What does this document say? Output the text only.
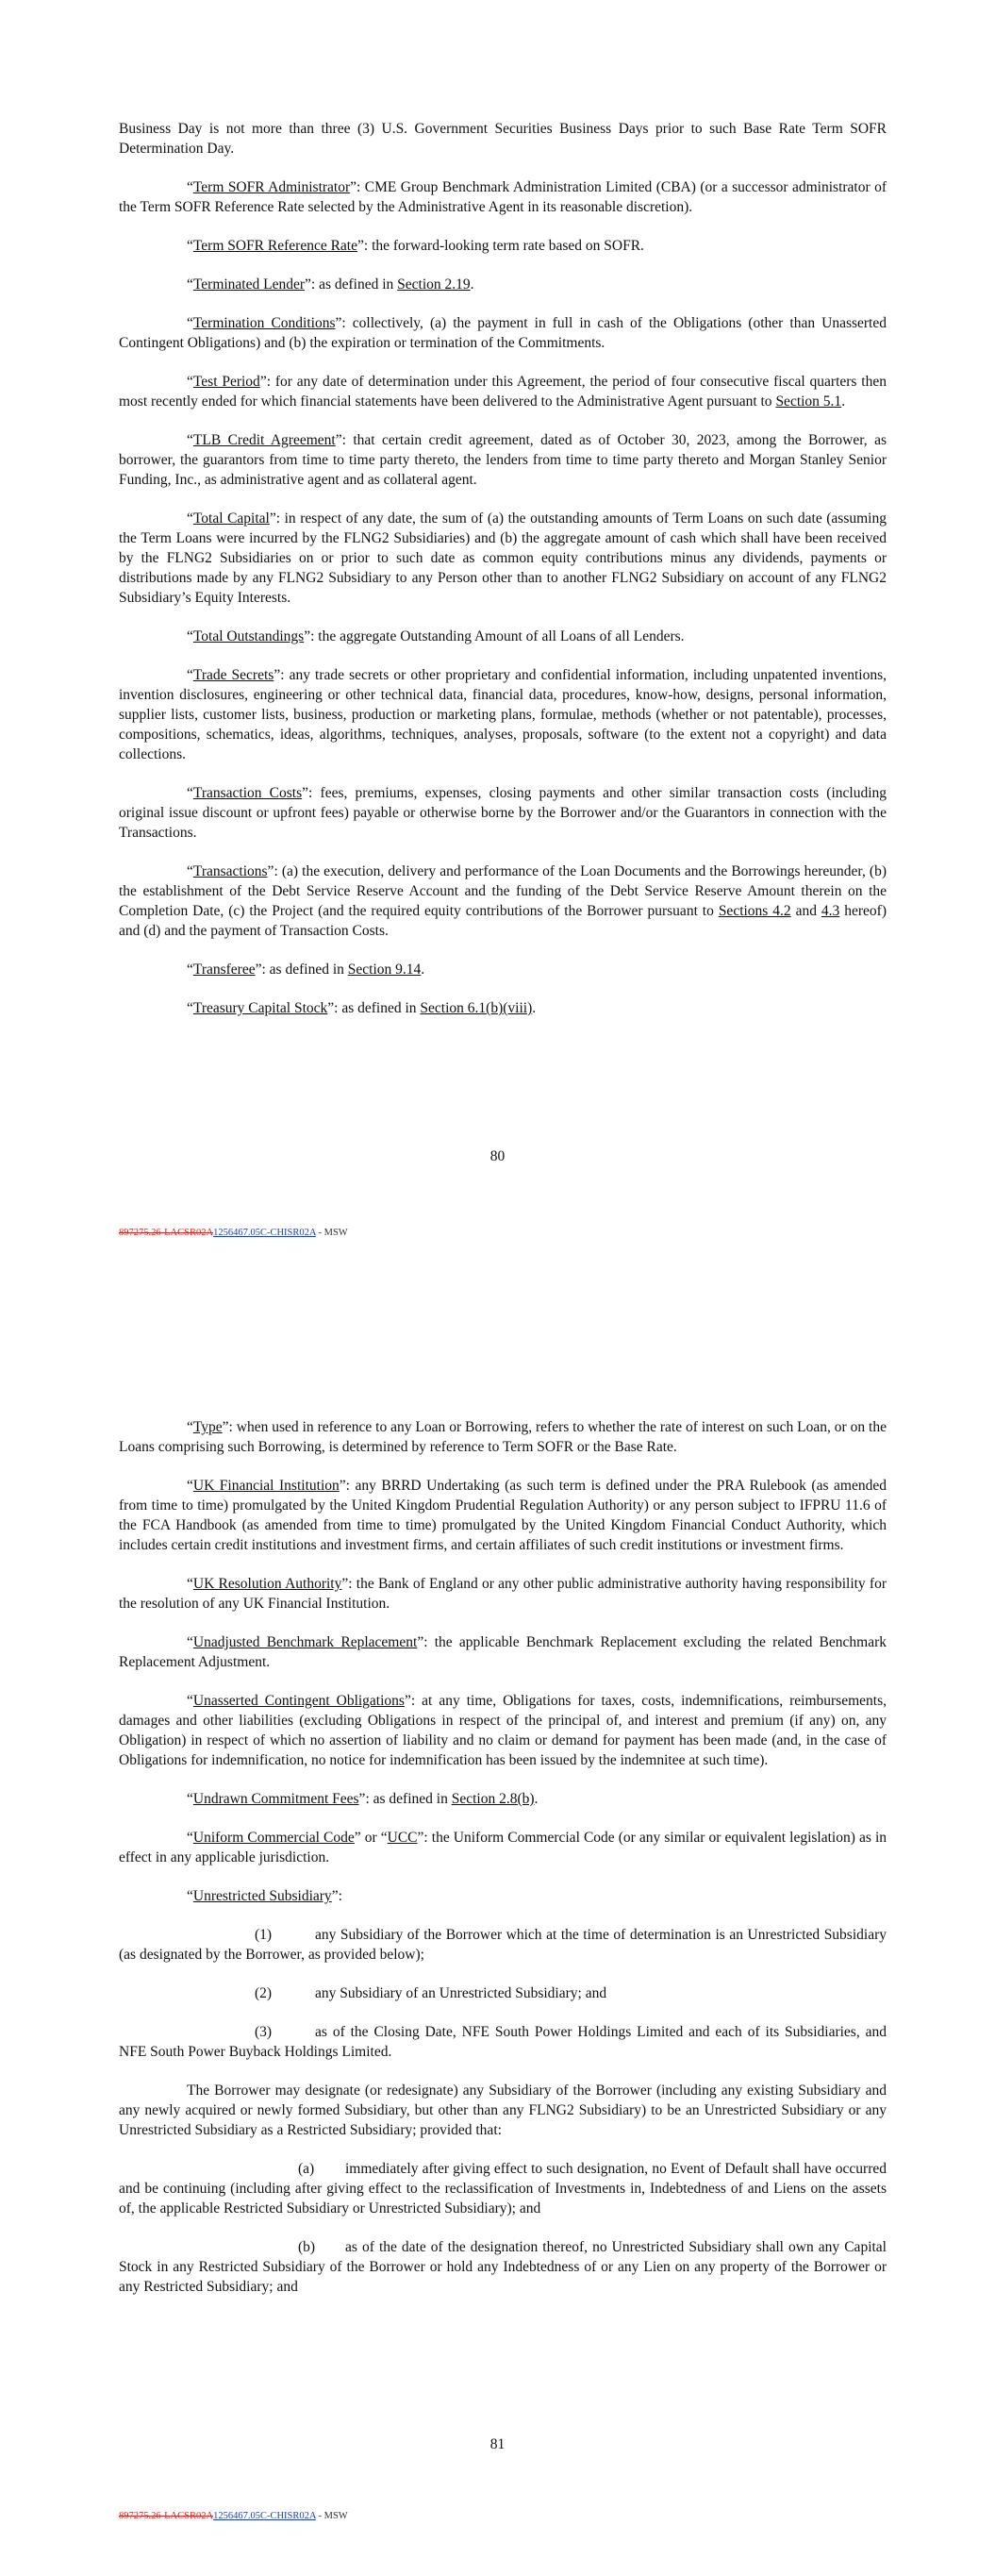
Business Day is not more than three (3) U.S. Government Securities Business Days prior to such Base Rate Term SOFR Determination Day.

“Term SOFR Administrator”: CME Group Benchmark Administration Limited (CBA) (or a successor administrator of the Term SOFR Reference Rate selected by the Administrative Agent in its reasonable discretion).

“Term SOFR Reference Rate”: the forward-looking term rate based on SOFR.

“Terminated Lender”: as defined in Section 2.19.

“Termination Conditions”: collectively, (a) the payment in full in cash of the Obligations (other than Unasserted Contingent Obligations) and (b) the expiration or termination of the Commitments.

“Test Period”: for any date of determination under this Agreement, the period of four consecutive fiscal quarters then most recently ended for which financial statements have been delivered to the Administrative Agent pursuant to Section 5.1.

“TLB Credit Agreement”: that certain credit agreement, dated as of October 30, 2023, among the Borrower, as borrower, the guarantors from time to time party thereto, the lenders from time to time party thereto and Morgan Stanley Senior Funding, Inc., as administrative agent and as collateral agent.

“Total Capital”: in respect of any date, the sum of (a) the outstanding amounts of Term Loans on such date (assuming the Term Loans were incurred by the FLNG2 Subsidiaries) and (b) the aggregate amount of cash which shall have been received by the FLNG2 Subsidiaries on or prior to such date as common equity contributions minus any dividends, payments or distributions made by any FLNG2 Subsidiary to any Person other than to another FLNG2 Subsidiary on account of any FLNG2 Subsidiary’s Equity Interests.

“Total Outstandings”: the aggregate Outstanding Amount of all Loans of all Lenders.

“Trade Secrets”: any trade secrets or other proprietary and confidential information, including unpatented inventions, invention disclosures, engineering or other technical data, financial data, procedures, know-how, designs, personal information, supplier lists, customer lists, business, production or marketing plans, formulae, methods (whether or not patentable), processes, compositions, schematics, ideas, algorithms, techniques, analyses, proposals, software (to the extent not a copyright) and data collections.

“Transaction Costs”: fees, premiums, expenses, closing payments and other similar transaction costs (including original issue discount or upfront fees) payable or otherwise borne by the Borrower and/or the Guarantors in connection with the Transactions.

“Transactions”: (a) the execution, delivery and performance of the Loan Documents and the Borrowings hereunder, (b) the establishment of the Debt Service Reserve Account and the funding of the Debt Service Reserve Amount therein on the Completion Date, (c) the Project (and the required equity contributions of the Borrower pursuant to Sections 4.2 and 4.3 hereof) and (d) and the payment of Transaction Costs.

“Transferee”: as defined in Section 9.14.

“Treasury Capital Stock”: as defined in Section 6.1(b)(viii).

80
897275.26-LACSR02A1256467.05C-CHISR02A - MSW

“Type”: when used in reference to any Loan or Borrowing, refers to whether the rate of interest on such Loan, or on the Loans comprising such Borrowing, is determined by reference to Term SOFR or the Base Rate.

“UK Financial Institution”: any BRRD Undertaking (as such term is defined under the PRA Rulebook (as amended from time to time) promulgated by the United Kingdom Prudential Regulation Authority) or any person subject to IFPRU 11.6 of the FCA Handbook (as amended from time to time) promulgated by the United Kingdom Financial Conduct Authority, which includes certain credit institutions and investment firms, and certain affiliates of such credit institutions or investment firms.

“UK Resolution Authority”: the Bank of England or any other public administrative authority having responsibility for the resolution of any UK Financial Institution.

“Unadjusted Benchmark Replacement”: the applicable Benchmark Replacement excluding the related Benchmark Replacement Adjustment.

“Unasserted Contingent Obligations”: at any time, Obligations for taxes, costs, indemnifications, reimbursements, damages and other liabilities (excluding Obligations in respect of the principal of, and interest and premium (if any) on, any Obligation) in respect of which no assertion of liability and no claim or demand for payment has been made (and, in the case of Obligations for indemnification, no notice for indemnification has been issued by the indemnitee at such time).

“Undrawn Commitment Fees”: as defined in Section 2.8(b).

“Uniform Commercial Code” or “UCC”: the Uniform Commercial Code (or any similar or equivalent legislation) as in effect in any applicable jurisdiction.

“Unrestricted Subsidiary”:

(1)	any Subsidiary of the Borrower which at the time of determination is an Unrestricted Subsidiary (as designated by the Borrower, as provided below);

(2)	any Subsidiary of an Unrestricted Subsidiary; and

(3)	as of the Closing Date, NFE South Power Holdings Limited and each of its Subsidiaries, and NFE South Power Buyback Holdings Limited.

The Borrower may designate (or redesignate) any Subsidiary of the Borrower (including any existing Subsidiary and any newly acquired or newly formed Subsidiary, but other than any FLNG2 Subsidiary) to be an Unrestricted Subsidiary or any Unrestricted Subsidiary as a Restricted Subsidiary; provided that:

(a) immediately after giving effect to such designation, no Event of Default shall have occurred and be continuing (including after giving effect to the reclassification of Investments in, Indebtedness of and Liens on the assets of, the applicable Restricted Subsidiary or Unrestricted Subsidiary); and

(b) as of the date of the designation thereof, no Unrestricted Subsidiary shall own any Capital Stock in any Restricted Subsidiary of the Borrower or hold any Indebtedness of or any Lien on any property of the Borrower or any Restricted Subsidiary; and

81
897275.26-LACSR02A1256467.05C-CHISR02A - MSW
